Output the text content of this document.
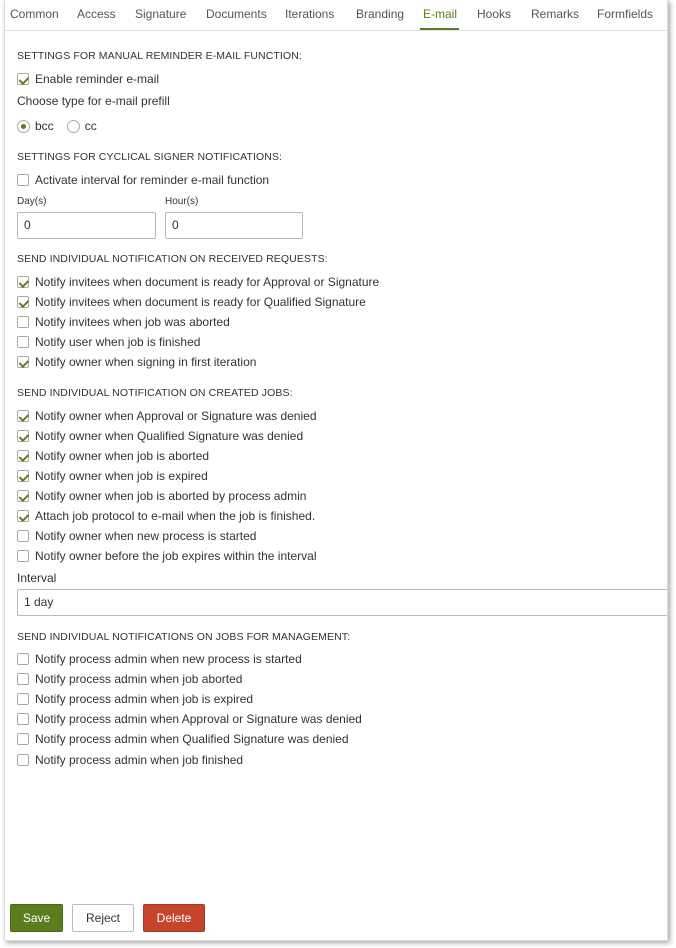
Common Access Signature Documents Iterations Branding E-mail Hooks Remarks Formfields
SETTINGS FOR MANUAL REMINDER E-MAIL FUNCTION:
Enable reminder e-mail
Choose type for e-mail prefill
bcc	cc
SETTINGS FOR CYCLICAL SIGNER NOTIFICATIONS:
Activate interval for reminder e-mail function
Day(s)	Hour(s)
0	0
SEND INDIVIDUAL NOTIFICATION ON RECEIVED REQUESTS:
Notify invitees when document is ready for Approval or Signature
Notify invitees when document is ready for Qualified Signature
Notify invitees when job was aborted
Notify user when job is finished
Notify owner when signing in first iteration
SEND INDIVIDUAL NOTIFICATION ON CREATED JOBS:
Notify owner when Approval or Signature was denied
Notify owner when Qualified Signature was denied
Notify owner when job is aborted
Notify owner when job is expired
Notify owner when job is aborted by process admin
Attach job protocol to e-mail when the job is finished.
Notify owner when new process is started
Notify owner before the job expires within the interval
Interval
1 day
SEND INDIVIDUAL NOTIFICATIONS ON JOBS FOR MANAGEMENT:
Notify process admin when new process is started
Notify process admin when job aborted
Notify process admin when job is expired
Notify process admin when Approval or Signature was denied
Notify process admin when Qualified Signature was denied
Notify process admin when job finished
Save	Reject	Delete
